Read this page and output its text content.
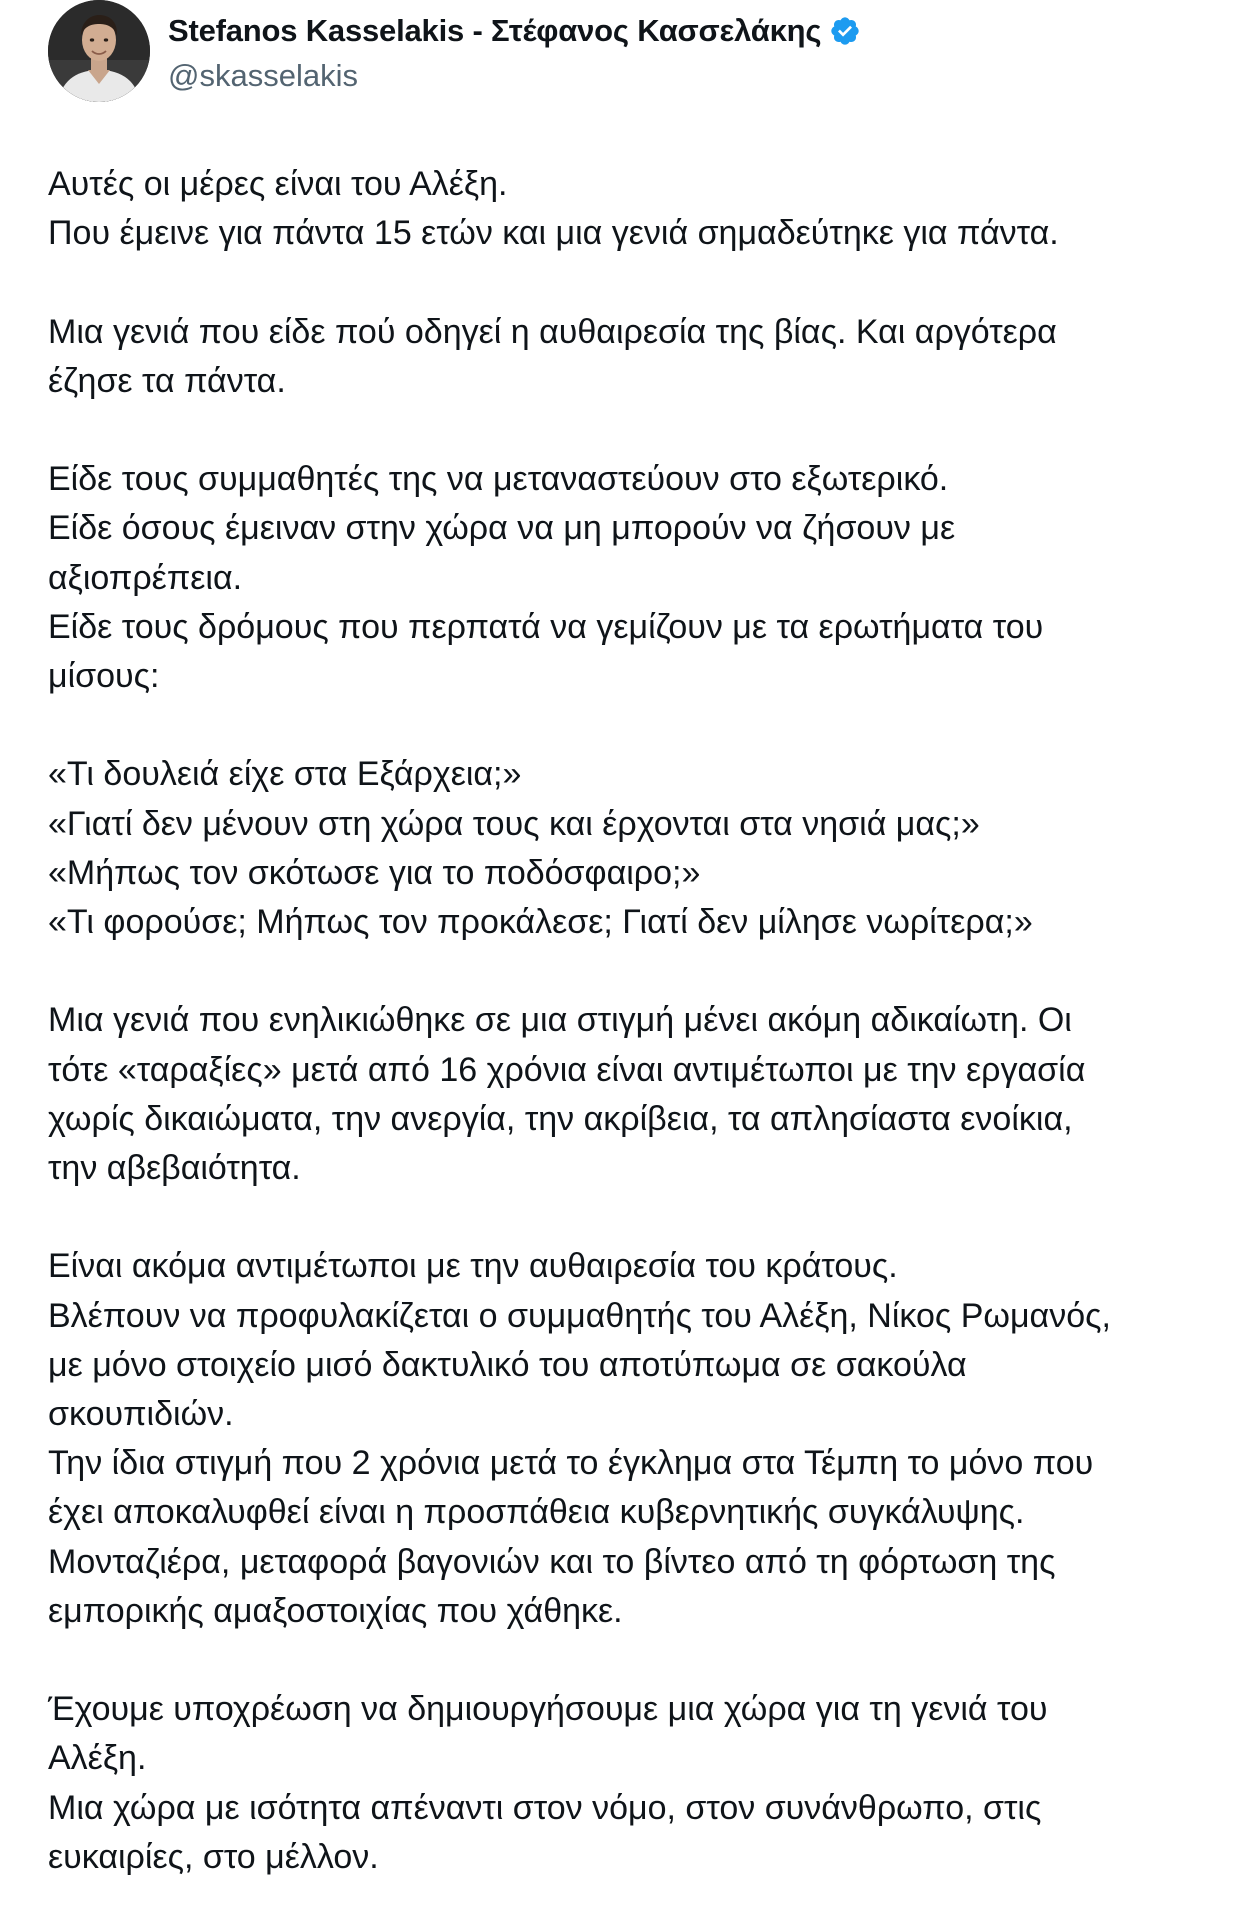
Stefanos Kasselakis - Στέφανος Κασσελάκης
@skasselakis

Αυτές οι μέρες είναι του Αλέξη.
Που έμεινε για πάντα 15 ετών και μια γενιά σημαδεύτηκε για πάντα.

Μια γενιά που είδε πού οδηγεί η αυθαιρεσία της βίας. Και αργότερα
έζησε τα πάντα.

Είδε τους συμμαθητές της να μεταναστεύουν στο εξωτερικό.
Είδε όσους έμειναν στην χώρα να μη μπορούν να ζήσουν με
αξιοπρέπεια.
Είδε τους δρόμους που περπατά να γεμίζουν με τα ερωτήματα του
μίσους:

«Τι δουλειά είχε στα Εξάρχεια;»
«Γιατί δεν μένουν στη χώρα τους και έρχονται στα νησιά μας;»
«Μήπως τον σκότωσε για το ποδόσφαιρο;»
«Τι φορούσε; Μήπως τον προκάλεσε; Γιατί δεν μίλησε νωρίτερα;»

Μια γενιά που ενηλικιώθηκε σε μια στιγμή μένει ακόμη αδικαίωτη. Οι
τότε «ταραξίες» μετά από 16 χρόνια είναι αντιμέτωποι με την εργασία
χωρίς δικαιώματα, την ανεργία, την ακρίβεια, τα απλησίαστα ενοίκια,
την αβεβαιότητα.

Είναι ακόμα αντιμέτωποι με την αυθαιρεσία του κράτους.
Βλέπουν να προφυλακίζεται ο συμμαθητής του Αλέξη, Νίκος Ρωμανός,
με μόνο στοιχείο μισό δακτυλικό του αποτύπωμα σε σακούλα
σκουπιδιών.
Την ίδια στιγμή που 2 χρόνια μετά το έγκλημα στα Τέμπη το μόνο που
έχει αποκαλυφθεί είναι η προσπάθεια κυβερνητικής συγκάλυψης.
Μονταζιέρα, μεταφορά βαγονιών και το βίντεο από τη φόρτωση της
εμπορικής αμαξοστοιχίας που χάθηκε.

Έχουμε υποχρέωση να δημιουργήσουμε μια χώρα για τη γενιά του
Αλέξη.
Μια χώρα με ισότητα απέναντι στον νόμο, στον συνάνθρωπο, στις
ευκαιρίες, στο μέλλον.
